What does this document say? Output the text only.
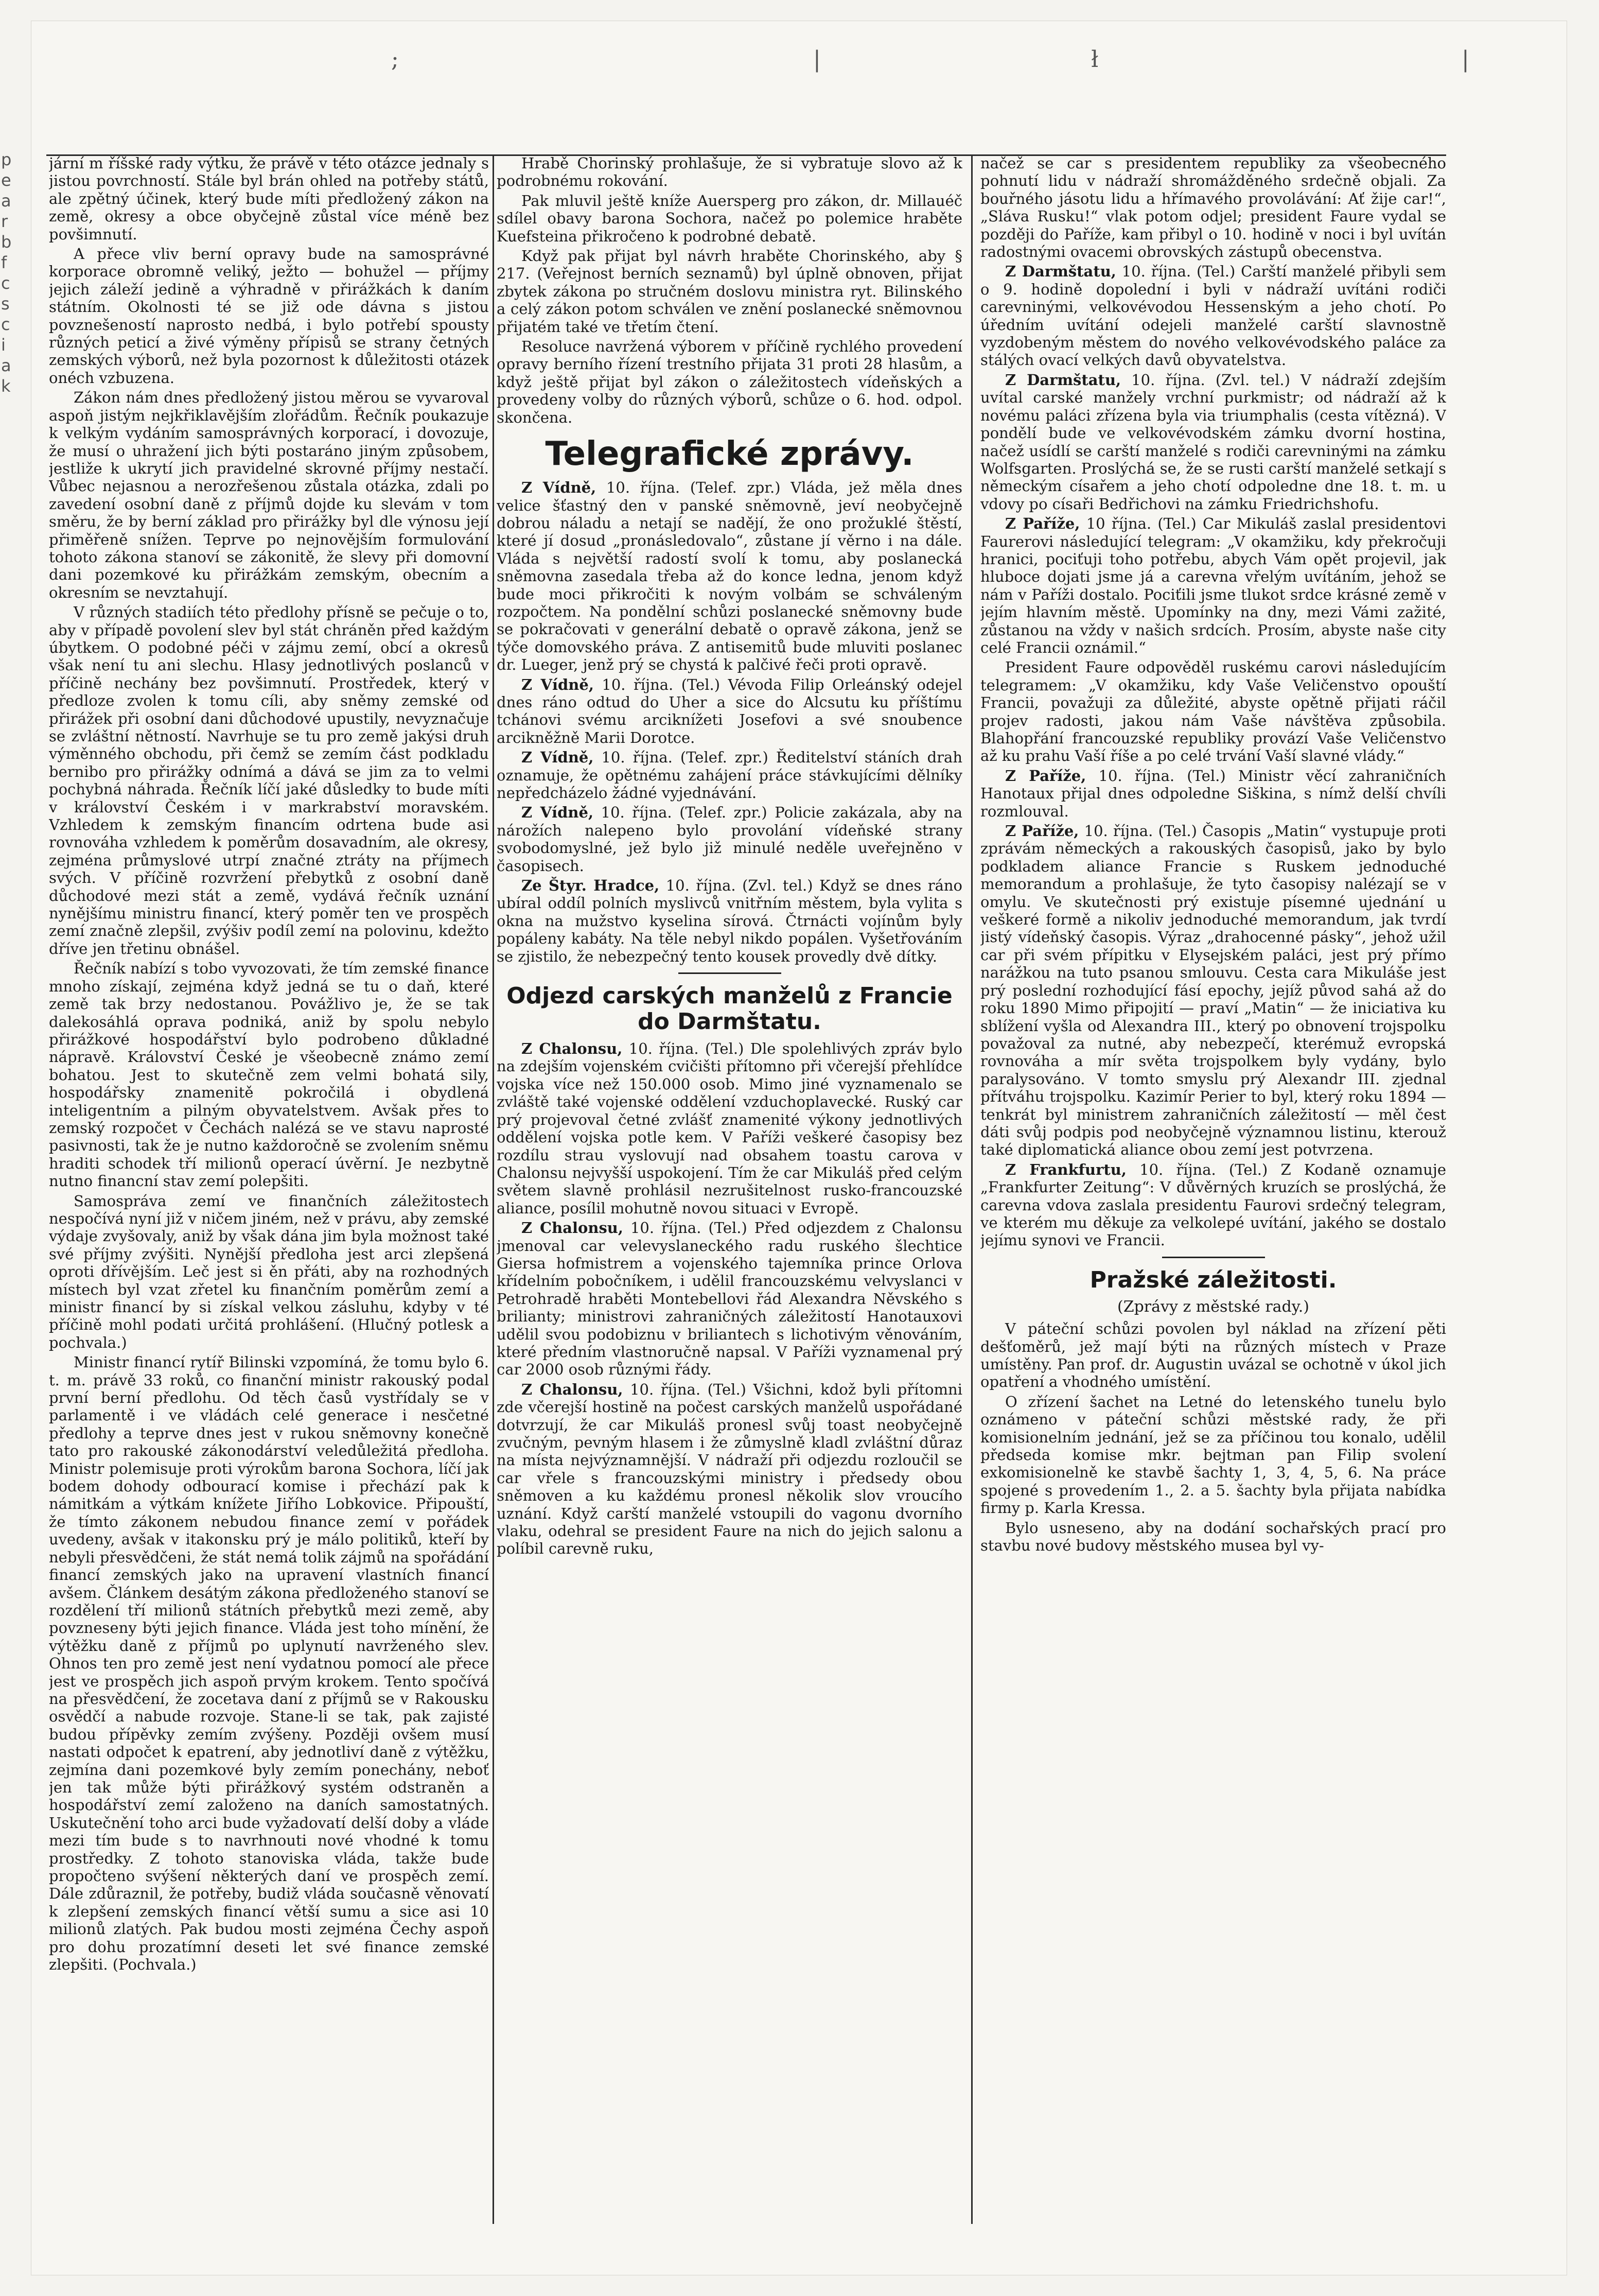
;	|	ł	|
p
e
a
r
b
f
c
s
c
i
a
k

jární m říšské rady výtku, že právě v této otázce jednaly s jistou povrchností. Stále byl brán ohled na potřeby států, ale zpětný účinek, který bude míti předložený zákon na země, okresy a obce obyčejně zůstal více méně bez povšimnutí.

A přece vliv berní opravy bude na samosprávné korporace obromně veliký, ježto — bohužel — příjmy jejich záleží jedině a výhradně v přirážkách k daním státním. Okolnosti té se již ode dávna s jistou povznešeností naprosto nedbá, i bylo potřebí spousty různých peticí a živé výměny přípisů se strany četných zemských výborů, než byla pozornost k důležitosti otázek onéch vzbuzena.

Zákon nám dnes předložený jistou měrou se vyvaroval aspoň jistým nejkřiklavějším zlořádům. Řečník poukazuje k velkým vydáním samosprávných korporací, i dovozuje, že musí o uhražení jich býti postaráno jiným způsobem, jestliže k ukrytí jich pravidelné skrovné příjmy nestačí. Vůbec nejasnou a nerozřešenou zůstala otázka, zdali po zavedení osobní daně z příjmů dojde ku slevám v tom směru, že by berní základ pro přirážky byl dle výnosu její přiměřeně snížen. Teprve po nejnovějším formulování tohoto zákona stanoví se zákonitě, že slevy při domovní dani pozemkové ku přirážkám zemským, obecním a okresním se nevztahují.

V různých stadiích této předlohy přísně se pečuje o to, aby v případě povolení slev byl stát chráněn před každým úbytkem. O podobné péči v zájmu zemí, obcí a okresů však není tu ani slechu. Hlasy jednotlivých poslanců v příčině nechány bez povšimnutí. Prostředek, který v předloze zvolen k tomu cíli, aby sněmy zemské od přirážek při osobní dani důchodové upustily, nevyznačuje se zvláštní nětností. Navrhuje se tu pro země jakýsi druh výměnného obchodu, při čemž se zemím část podkladu bernibo pro přirážky odnímá a dává se jim za to velmi pochybná náhrada. Řečník líčí jaké důsledky to bude míti v království Českém i v markrabství moravském. Vzhledem k zemským financím odrtena bude asi rovnováha vzhledem k poměrům dosavadním, ale okresy, zejména průmyslové utrpí značné ztráty na příjmech svých. V příčině rozvržení přebytků z osobní daně důchodové mezi stát a země, vydává řečník uznání nynějšímu ministru financí, který poměr ten ve prospěch zemí značně zlepšil, zvýšiv podíl zemí na polovinu, kdežto dříve jen třetinu obnášel.

Řečník nabízí s tobo vyvozovati, že tím zemské finance mnoho získají, zejména když jedná se tu o daň, které země tak brzy nedostanou. Povážlivo je, že se tak dalekosáhlá oprava podniká, aniž by spolu nebylo přirážkové hospodářství bylo podrobeno důkladné nápravě. Království České je všeobecně známo zemí bohatou. Jest to skutečně zem velmi bohatá sily, hospodářsky znamenitě pokročilá i obydlená inteligentním a pilným obyvatelstvem. Avšak přes to zemský rozpočet v Čechách nalézá se ve stavu naprosté pasivnosti, tak že je nutno každoročně se zvolením sněmu hraditi schodek tří milionů operací úvěrní. Je nezbytně nutno financní stav zemí polepšiti.

Samospráva zemí ve finančních záležitostech nespočívá nyní již v ničem jiném, než v právu, aby zemské výdaje zvyšovaly, aniž by však dána jim byla možnost také své příjmy zvýšiti. Nynější předloha jest arci zlepšená oproti dřívějším. Leč jest si ěn přáti, aby na rozhodných místech byl vzat zřetel ku finančním poměrům zemí a ministr financí by si získal velkou zásluhu, kdyby v té příčině mohl podati určitá prohlášení. (Hlučný potlesk a pochvala.)

Ministr financí rytíř Bilinski vzpomíná, že tomu bylo 6. t. m. právě 33 roků, co finanční ministr rakouský podal první berní předlohu. Od těch časů vystřídaly se v parlamentě i ve vládách celé generace i nesčetné předlohy a teprve dnes jest v rukou sněmovny konečně tato pro rakouské zákonodárství veledůležitá předloha. Ministr polemisuje proti výrokům barona Sochora, líčí jak bodem dohody odbourací komise i přechází pak k námitkám a výtkám knížete Jiřího Lobkovice. Připouští, že tímto zákonem nebudou finance zemí v pořádek uvedeny, avšak v itakonsku prý je málo politiků, kteří by nebyli přesvědčeni, že stát nemá tolik zájmů na spořádání financí zemských jako na upravení vlastních financí avšem. Článkem desátým zákona předloženého stanoví se rozdělení tří milionů státních přebytků mezi země, aby povzneseny býti jejich finance. Vláda jest toho mínění, že výtěžku daně z příjmů po uplynutí navrženého slev. Ohnos ten pro země jest není vydatnou pomocí ale přece jest ve prospěch jich aspoň prvým krokem. Tento spočívá na přesvědčení, že zocetava daní z příjmů se v Rakousku osvědčí a nabude rozvoje. Stane-li se tak, pak zajisté budou přípěvky zemím zvýšeny. Později ovšem musí nastati odpočet k epatrení, aby jednotliví daně z výtěžku, zejmína dani pozemkové byly zemím ponechány, neboť jen tak může býti přirážkový systém odstraněn a hospodářství zemí založeno na daních samostatných. Uskutečnění toho arci bude vyžadovatí delší doby a vláde mezi tím bude s to navrhnouti nové vhodné k tomu prostředky. Z tohoto stanoviska vláda, takže bude propočteno svýšení některých daní ve prospěch zemí. Dále zdůraznil, že potřeby, budiž vláda současně věnovatí k zlepšení zemských financí větší sumu a sice asi 10 milionů zlatých. Pak budou mosti zejména Čechy aspoň pro dohu prozatímní deseti let své finance zemské zlepšiti. (Pochvala.)

Hrabě Chorinský prohlašuje, že si vybratuje slovo až k podrobnému rokování.

Pak mluvil ještě kníže Auersperg pro zákon, dr. Millauéč sdílel obavy barona Sochora, načež po polemice hraběte Kuefsteina přikročeno k podrobné debatě.

Když pak přijat byl návrh hraběte Chorinského, aby § 217. (Veřejnost berních seznamů) byl úplně obnoven, přijat zbytek zákona po stručném doslovu ministra ryt. Bilinského a celý zákon potom schválen ve znění poslanecké sněmovnou přijatém také ve třetím čtení.

Resoluce navržená výborem v příčině rychlého provedení opravy berního řízení trestního přijata 31 proti 28 hlasům, a když ještě přijat byl zákon o záležitostech vídeňských a provedeny volby do různých výborů, schůze o 6. hod. odpol. skončena.

Telegrafické zprávy.

Z Vídně, 10. října. (Telef. zpr.) Vláda, jež měla dnes velice šťastný den v panské sněmovně, jeví neobyčejně dobrou náladu a netají se nadějí, že ono prožuklé štěstí, které jí dosud „pronásledovalo“, zůstane jí věrno i na dále. Vláda s největší radostí svolí k tomu, aby poslanecká sněmovna zasedala třeba až do konce ledna, jenom když bude moci přikročiti k novým volbám se schváleným rozpočtem. Na pondělní schůzi poslanecké sněmovny bude se pokračovati v generální debatě o opravě zákona, jenž se týče domovského práva. Z antisemitů bude mluviti poslanec dr. Lueger, jenž prý se chystá k palčivé řeči proti opravě.

Z Vídně, 10. října. (Tel.) Vévoda Filip Orleánský odejel dnes ráno odtud do Uher a sice do Alcsutu ku příštímu tchánovi svému arciknížeti Josefovi a své snoubence arcikněžně Marii Dorotce.

Z Vídně, 10. října. (Telef. zpr.) Ředitelství stáních drah oznamuje, že opětnému zahájení práce stávkujícími dělníky nepředcházelo žádné vyjednávání.

Z Vídně, 10. října. (Telef. zpr.) Policie zakázala, aby na nárožích nalepeno bylo provolání vídeňské strany svobodomyslné, jež bylo již minulé neděle uveřejněno v časopisech.

Ze Štyr. Hradce, 10. října. (Zvl. tel.) Když se dnes ráno ubíral oddíl polních myslivců vnitřním městem, byla vylita s okna na mužstvo kyselina sírová. Čtrnácti vojínům byly popáleny kabáty. Na těle nebyl nikdo popálen. Vyšetřováním se zjistilo, že nebezpečný tento kousek provedly dvě dítky.

Odjezd carských manželů z Francie do Darmštatu.

Z Chalonsu, 10. října. (Tel.) Dle spolehlivých zpráv bylo na zdejším vojenském cvičišti přítomno při včerejší přehlídce vojska více než 150.000 osob. Mimo jiné vyznamenalo se zvláště také vojenské oddělení vzduchoplavecké. Ruský car prý projevoval četné zvlášť znamenité výkony jednotlivých oddělení vojska potle kem. V Paříži veškeré časopisy bez rozdílu strau vyslovují nad obsahem toastu carova v Chalonsu nejvyšší uspokojení. Tím že car Mikuláš před celým světem slavně prohlásil nezrušitelnost rusko-francouzské aliance, posílil mohutně novou situaci v Evropě.

Z Chalonsu, 10. října. (Tel.) Před odjezdem z Chalonsu jmenoval car velevyslaneckého radu ruského šlechtice Giersa hofmistrem a vojenského tajemníka prince Orlova křídelním pobočníkem, i udělil francouzskému velvyslanci v Petrohradě hraběti Montebellovi řád Alexandra Něvského s brilianty; ministrovi zahraničných záležitostí Hanotauxovi udělil svou podobiznu v briliantech s lichotivým věnováním, které předním vlastnoručně napsal. V Paříži vyznamenal prý car 2000 osob různými řády.

Z Chalonsu, 10. října. (Tel.) Všichni, kdož byli přítomni zde včerejší hostině na počest carských manželů uspořádané dotvrzují, že car Mikuláš pronesl svůj toast neobyčejně zvučným, pevným hlasem i že zůmyslně kladl zvláštní důraz na místa nejvýznamnější. V nádraží při odjezdu rozloučil se car vřele s francouzskými ministry i předsedy obou sněmoven a ku každému pronesl několik slov vroucího uznání. Když carští manželé vstoupili do vagonu dvorního vlaku, odehral se president Faure na nich do jejich salonu a políbil carevně ruku,

načež se car s presidentem republiky za všeobecného pohnutí lidu v nádraží shromážděného srdečně objali. Za bouřného jásotu lidu a hřímavého provolávání: Ať žije car!“, „Sláva Rusku!“ vlak potom odjel; president Faure vydal se později do Paříže, kam přibyl o 10. hodině v noci i byl uvítán radostnými ovacemi obrovských zástupů obecenstva.

Z Darmštatu, 10. října. (Tel.) Carští manželé přibyli sem o 9. hodině dopolední i byli v nádraží uvítáni rodiči carevninými, velkovévodou Hessenským a jeho chotí. Po úředním uvítání odejeli manželé carští slavnostně vyzdobeným městem do nového velkovévodského paláce za stálých ovací velkých davů obyvatelstva.

Z Darmštatu, 10. října. (Zvl. tel.) V nádraží zdejším uvítal carské manžely vrchní purkmistr; od nádraží až k novému paláci zřízena byla via triumphalis (cesta vítězná). V pondělí bude ve velkovévodském zámku dvorní hostina, načež usídlí se carští manželé s rodiči carevninými na zámku Wolfsgarten. Proslýchá se, že se rusti carští manželé setkají s německým císařem a jeho chotí odpoledne dne 18. t. m. u vdovy po císaři Bedřichovi na zámku Friedrichshofu.

Z Paříže, 10 října. (Tel.) Car Mikuláš zaslal presidentovi Faurerovi následující telegram: „V okamžiku, kdy překročuji hranici, pociťuji toho potřebu, abych Vám opět projevil, jak hluboce dojati jsme já a carevna vřelým uvítáním, jehož se nám v Paříži dostalo. Pociťili jsme tlukot srdce krásné země v jejím hlavním městě. Upomínky na dny, mezi Vámi zažité, zůstanou na vždy v našich srdcích. Prosím, abyste naše city celé Francii oznámil.“

President Faure odpověděl ruskému carovi následujícím telegramem: „V okamžiku, kdy Vaše Veličenstvo opouští Francii, považuji za důležité, abyste opětně přijati ráčil projev radosti, jakou nám Vaše návštěva způsobila. Blahopřání francouzské republiky provází Vaše Veličenstvo až ku prahu Vaší říše a po celé trvání Vaší slavné vlády.“

Z Paříže, 10. října. (Tel.) Ministr věcí zahraničních Hanotaux přijal dnes odpoledne Siškina, s nímž delší chvíli rozmlouval.

Z Paříže, 10. října. (Tel.) Časopis „Matin“ vystupuje proti zprávám německých a rakouských časopisů, jako by bylo podkladem aliance Francie s Ruskem jednoduché memorandum a prohlašuje, že tyto časopisy nalézají se v omylu. Ve skutečnosti prý existuje písemné ujednání u veškeré formě a nikoliv jednoduché memorandum, jak tvrdí jistý vídeňský časopis. Výraz „drahocenné pásky“, jehož užil car při svém přípitku v Elysejském paláci, jest prý přímo narážkou na tuto psanou smlouvu. Cesta cara Mikuláše jest prý poslední rozhodující fásí epochy, jejíž původ sahá až do roku 1890 Mimo připojití — praví „Matin“ — že iniciativa ku sblížení vyšla od Alexandra III., který po obnovení trojspolku považoval za nutné, aby nebezpečí, kterémuž evropská rovnováha a mír světa trojspolkem byly vydány, bylo paralysováno. V tomto smyslu prý Alexandr III. zjednal přítváhu trojspolku. Kazimír Perier to byl, který roku 1894 — tenkrát byl ministrem zahraničních záležitostí — měl čest dáti svůj podpis pod neobyčejně významnou listinu, kterouž také diplomatická aliance obou zemí jest potvrzena.

Z Frankfurtu, 10. října. (Tel.) Z Kodaně oznamuje „Frankfurter Zeitung“: V důvěrných kruzích se proslýchá, že carevna vdova zaslala presidentu Faurovi srdečný telegram, ve kterém mu děkuje za velkolepé uvítání, jakého se dostalo jejímu synovi ve Francii.

Pražské záležitosti.
(Zprávy z městské rady.)

V páteční schůzi povolen byl náklad na zřízení pěti dešťoměrů, jež mají býti na různých místech v Praze umístěny. Pan prof. dr. Augustin uvázal se ochotně v úkol jich opatření a vhodného umístění.

O zřízení šachet na Letné do letenského tunelu bylo oznámeno v páteční schůzi městské rady, že při komisionelním jednání, jež se za příčinou tou konalo, udělil předseda komise mkr. bejtman pan Filip svolení exkomisionelně ke stavbě šachty 1, 3, 4, 5, 6. Na práce spojené s provedením 1., 2. a 5. šachty byla přijata nabídka firmy p. Karla Kressa.

Bylo usneseno, aby na dodání sochařských prací pro stavbu nové budovy městského musea byl vy-
